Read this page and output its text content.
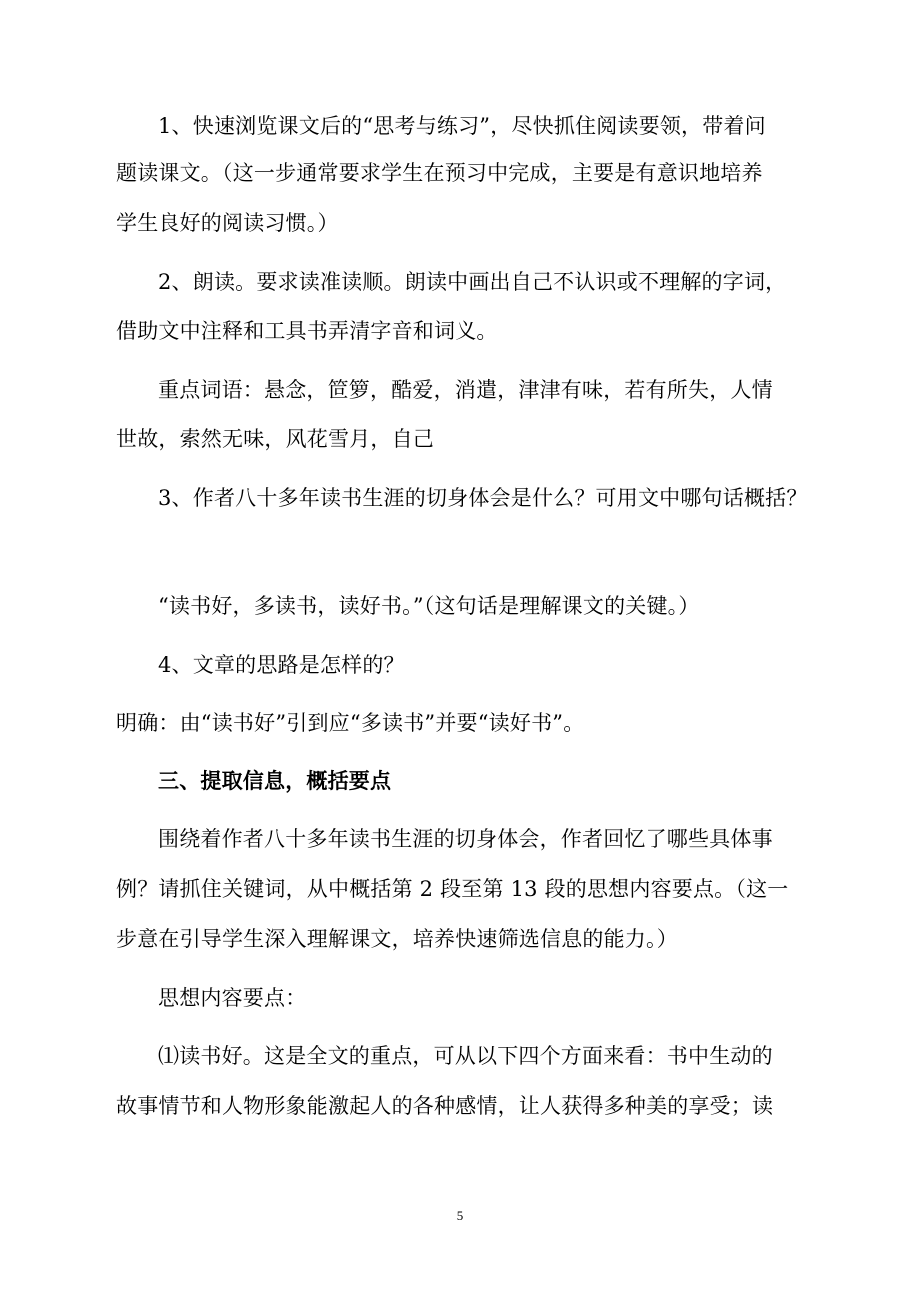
1、快速浏览课文后的“思考与练习”，尽快抓住阅读要领，带着问
题读课文。（这一步通常要求学生在预习中完成，主要是有意识地培养
学生良好的阅读习惯。）
2、朗读。要求读准读顺。朗读中画出自己不认识或不理解的字词，
借助文中注释和工具书弄清字音和词义。
重点词语：悬念，笸箩，酷爱，消遣，津津有味，若有所失，人情
世故，索然无味，风花雪月，自己
3、作者八十多年读书生涯的切身体会是什么？可用文中哪句话概括？
“读书好，多读书，读好书。”（这句话是理解课文的关键。）
4、文章的思路是怎样的？
明确：由“读书好”引到应“多读书”并要“读好书”。
三、提取信息，概括要点
围绕着作者八十多年读书生涯的切身体会，作者回忆了哪些具体事
例？请抓住关键词，从中概括第 2 段至第 13 段的思想内容要点。（这一
步意在引导学生深入理解课文，培养快速筛选信息的能力。）
思想内容要点：
⑴读书好。这是全文的重点，可从以下四个方面来看：书中生动的
故事情节和人物形象能激起人的各种感情，让人获得多种美的享受；读
5
